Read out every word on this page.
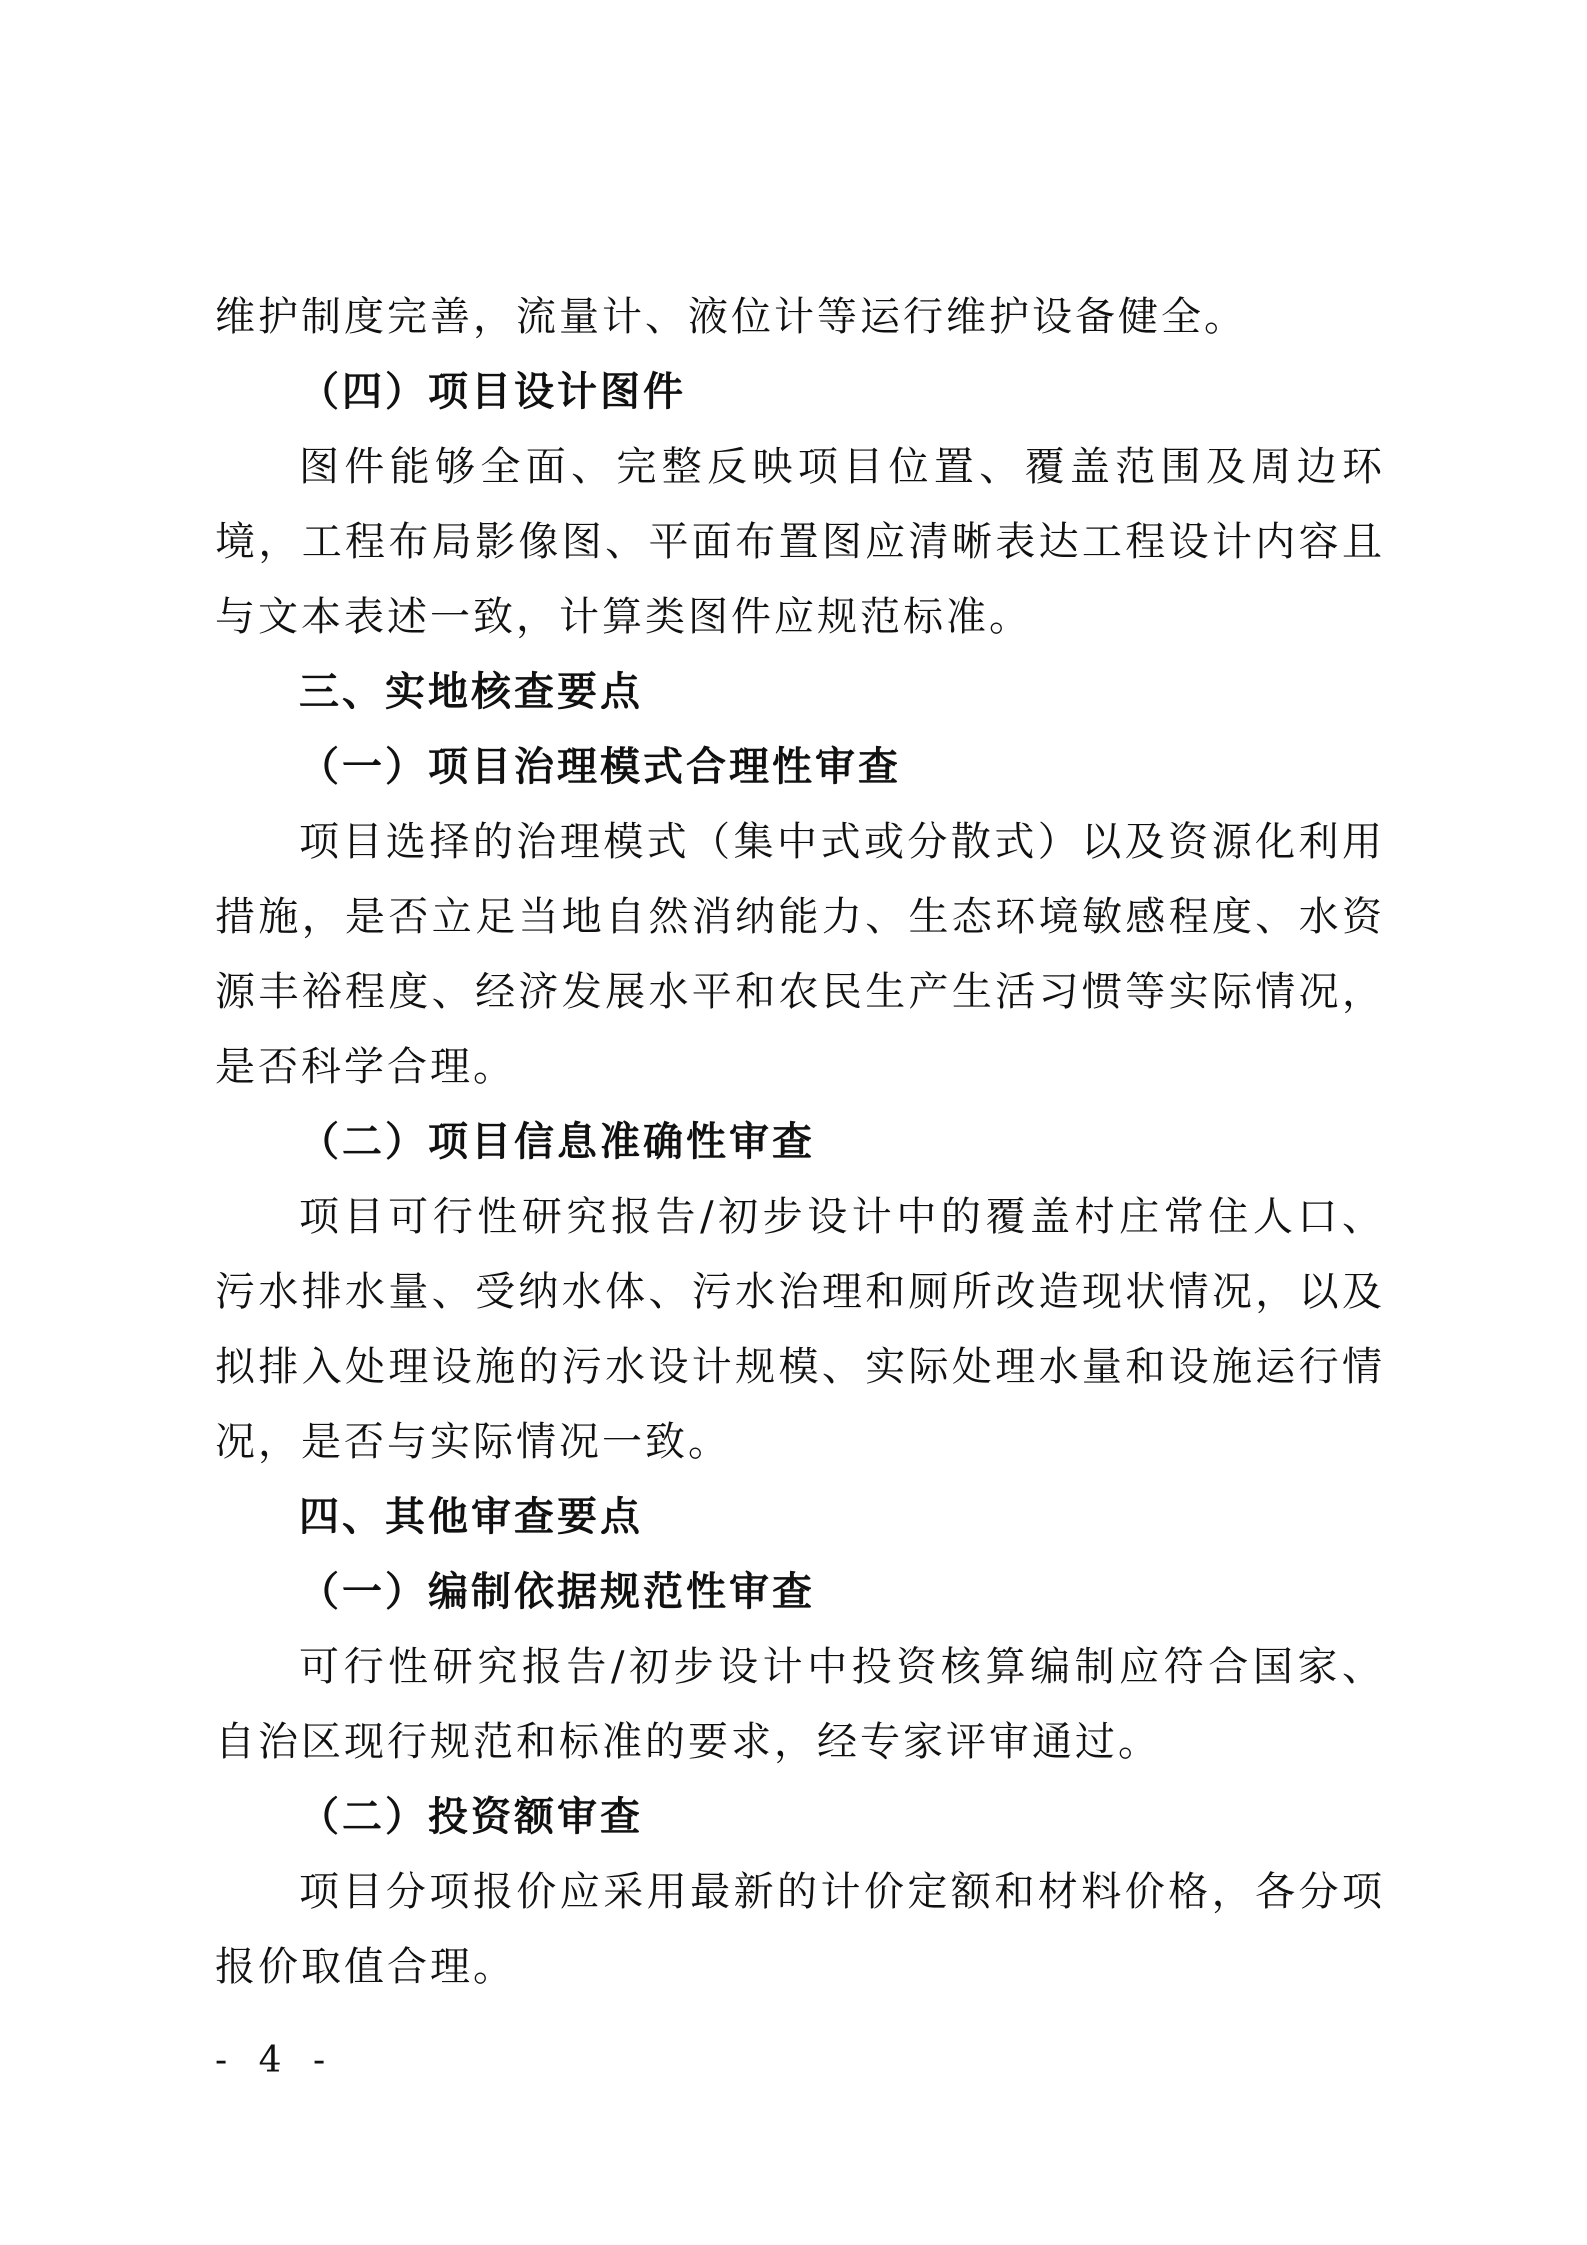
维护制度完善，流量计、液位计等运行维护设备健全。

（四）项目设计图件

图件能够全面、完整反映项目位置、覆盖范围及周边环境，工程布局影像图、平面布置图应清晰表达工程设计内容且与文本表述一致，计算类图件应规范标准。

三、实地核查要点

（一）项目治理模式合理性审查

项目选择的治理模式（集中式或分散式）以及资源化利用措施，是否立足当地自然消纳能力、生态环境敏感程度、水资源丰裕程度、经济发展水平和农民生产生活习惯等实际情况，是否科学合理。

（二）项目信息准确性审查

项目可行性研究报告/初步设计中的覆盖村庄常住人口、污水排水量、受纳水体、污水治理和厕所改造现状情况，以及拟排入处理设施的污水设计规模、实际处理水量和设施运行情况，是否与实际情况一致。

四、其他审查要点

（一）编制依据规范性审查

可行性研究报告/初步设计中投资核算编制应符合国家、自治区现行规范和标准的要求，经专家评审通过。

（二）投资额审查

项目分项报价应采用最新的计价定额和材料价格，各分项报价取值合理。

- 4 -
